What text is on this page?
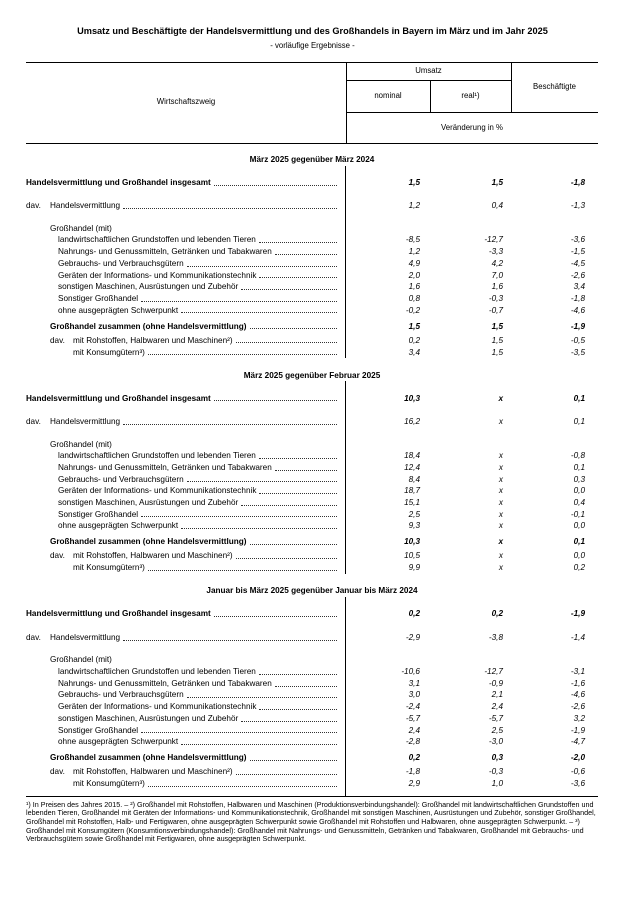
Umsatz und Beschäftigte der Handelsvermittlung und des Großhandels in Bayern im März und im Jahr 2025
- vorläufige Ergebnisse -
Wirtschaftszweig
Umsatz
nominal	real¹)
Beschäftigte
Veränderung in %
März 2025 gegenüber März 2024
Handelsvermittlung und Großhandel insgesamt	1,5	1,5	-1,8
dav.	Handelsvermittlung	1,2	0,4	-1,3
Großhandel (mit)
landwirtschaftlichen Grundstoffen und lebenden Tieren	-8,5	-12,7	-3,6
Nahrungs- und Genussmitteln, Getränken und Tabakwaren	1,2	-3,3	-1,5
Gebrauchs- und Verbrauchsgütern	4,9	4,2	-4,5
Geräten der Informations- und Kommunikationstechnik	2,0	7,0	-2,6
sonstigen Maschinen, Ausrüstungen und Zubehör	1,6	1,6	3,4
Sonstiger Großhandel	0,8	-0,3	-1,8
ohne ausgeprägten Schwerpunkt	-0,2	-0,7	-4,6
Großhandel zusammen (ohne Handelsvermittlung)	1,5	1,5	-1,9
dav. mit Rohstoffen, Halbwaren und Maschinen²)	0,2	1,5	-0,5
mit Konsumgütern³)	3,4	1,5	-3,5
März 2025 gegenüber Februar 2025
Handelsvermittlung und Großhandel insgesamt	10,3	x	0,1
dav.	Handelsvermittlung	16,2	x	0,1
Großhandel (mit)
landwirtschaftlichen Grundstoffen und lebenden Tieren	18,4	x	-0,8
Nahrungs- und Genussmitteln, Getränken und Tabakwaren	12,4	x	0,1
Gebrauchs- und Verbrauchsgütern	8,4	x	0,3
Geräten der Informations- und Kommunikationstechnik	18,7	x	0,0
sonstigen Maschinen, Ausrüstungen und Zubehör	15,1	x	0,4
Sonstiger Großhandel	2,5	x	-0,1
ohne ausgeprägten Schwerpunkt	9,3	x	0,0
Großhandel zusammen (ohne Handelsvermittlung)	10,3	x	0,1
dav. mit Rohstoffen, Halbwaren und Maschinen²)	10,5	x	0,0
mit Konsumgütern³)	9,9	x	0,2
Januar bis März 2025 gegenüber Januar bis März 2024
Handelsvermittlung und Großhandel insgesamt	0,2	0,2	-1,9
dav.	Handelsvermittlung	-2,9	-3,8	-1,4
Großhandel (mit)
landwirtschaftlichen Grundstoffen und lebenden Tieren	-10,6	-12,7	-3,1
Nahrungs- und Genussmitteln, Getränken und Tabakwaren	3,1	-0,9	-1,6
Gebrauchs- und Verbrauchsgütern	3,0	2,1	-4,6
Geräten der Informations- und Kommunikationstechnik	-2,4	2,4	-2,6
sonstigen Maschinen, Ausrüstungen und Zubehör	-5,7	-5,7	3,2
Sonstiger Großhandel	2,4	2,5	-1,9
ohne ausgeprägten Schwerpunkt	-2,8	-3,0	-4,7
Großhandel zusammen (ohne Handelsvermittlung)	0,2	0,3	-2,0
dav. mit Rohstoffen, Halbwaren und Maschinen²)	-1,8	-0,3	-0,6
mit Konsumgütern³)	2,9	1,0	-3,6
¹) In Preisen des Jahres 2015. – ²) Großhandel mit Rohstoffen, Halbwaren und Maschinen (Produktionsverbindungshandel): Großhandel mit landwirtschaftlichen Grundstoffen und lebenden Tieren, Großhandel mit Geräten der Informations- und Kommunikationstechnik, Großhandel mit sonstigen Maschinen, Ausrüstungen und Zubehör, sonstiger Großhandel, Großhandel mit Rohstoffen, Halb- und Fertigwaren, ohne ausgeprägten Schwerpunkt sowie Großhandel mit Rohstoffen und Halbwaren, ohne ausgeprägten Schwerpunkt. – ³) Großhandel mit Konsumgütern (Konsumtionsverbindungshandel): Großhandel mit Nahrungs- und Genussmitteln, Getränken und Tabakwaren, Großhandel mit Gebrauchs- und Verbrauchsgütern sowie Großhandel mit Fertigwaren, ohne ausgeprägten Schwerpunkt.
